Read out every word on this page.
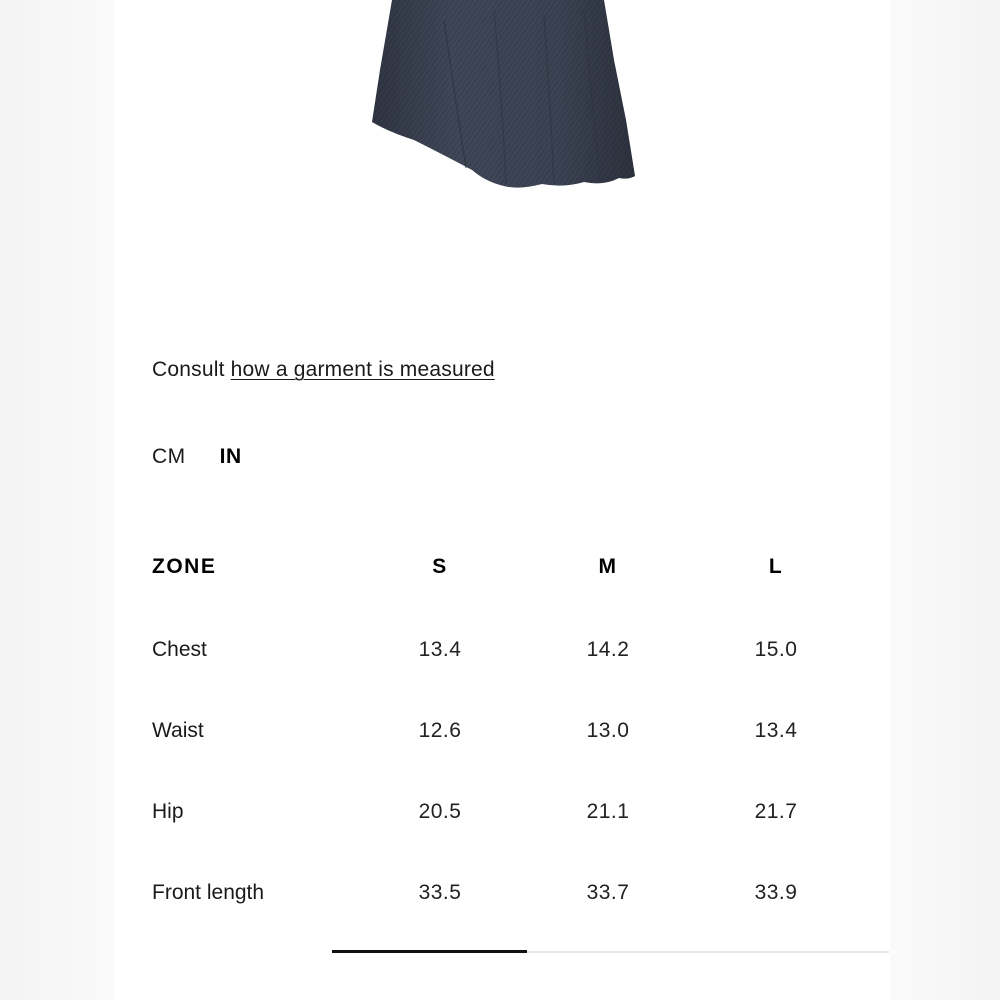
Consult how a garment is measured
CM IN
ZONE	S	M	L
Chest	13.4	14.2	15.0
Waist	12.6	13.0	13.4
Hip	20.5	21.1	21.7
Front length	33.5	33.7	33.9
